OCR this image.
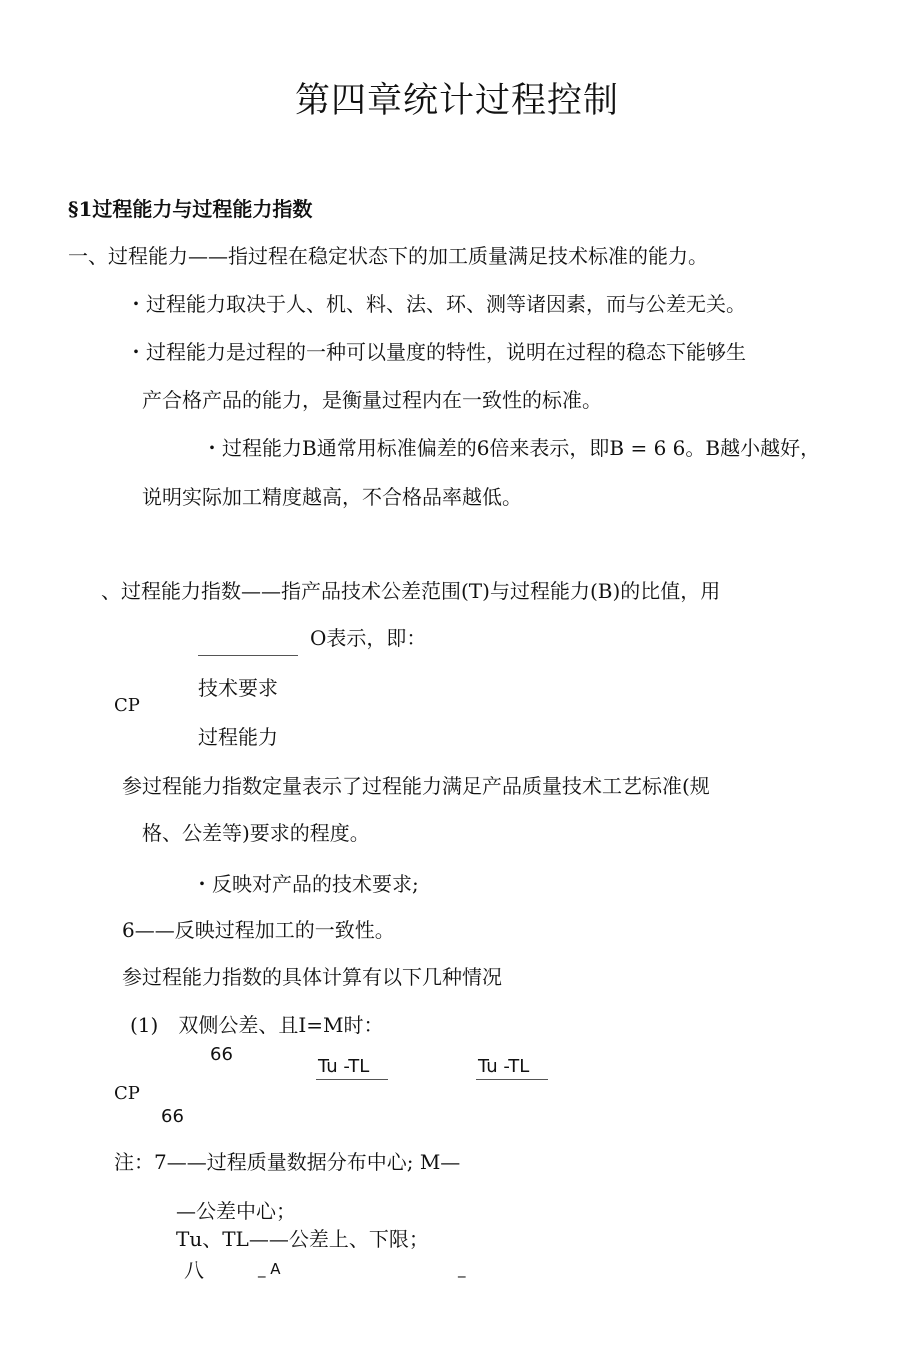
第四章统计过程控制
§1过程能力与过程能力指数
一、过程能力——指过程在稳定状态下的加工质量满足技术标准的能力。
・过程能力取决于人、机、料、法、环、测等诸因素，而与公差无关。
・过程能力是过程的一种可以量度的特性，说明在过程的稳态下能够生
产合格产品的能力，是衡量过程内在一致性的标准。
・过程能力B通常用标准偏差的6倍来表示，即B = 6 6。B越小越好，
说明实际加工精度越高，不合格品率越低。
、过程能力指数——指产品技术公差范围(T)与过程能力(B)的比值，用
O表示，即：
技术要求
CP
过程能力
参过程能力指数定量表示了过程能力满足产品质量技术工艺标准(规
格、公差等)要求的程度。
・反映对产品的技术要求;
6——反映过程加工的一致性。
参过程能力指数的具体计算有以下几种情况
(1)　双侧公差、且I=M时：
66
Tu -TL	Tu -TL
CP
66
注：7——过程质量数据分布中心; M—
—公差中心；
Tu、TL——公差上、下限；
八	_ A	_
